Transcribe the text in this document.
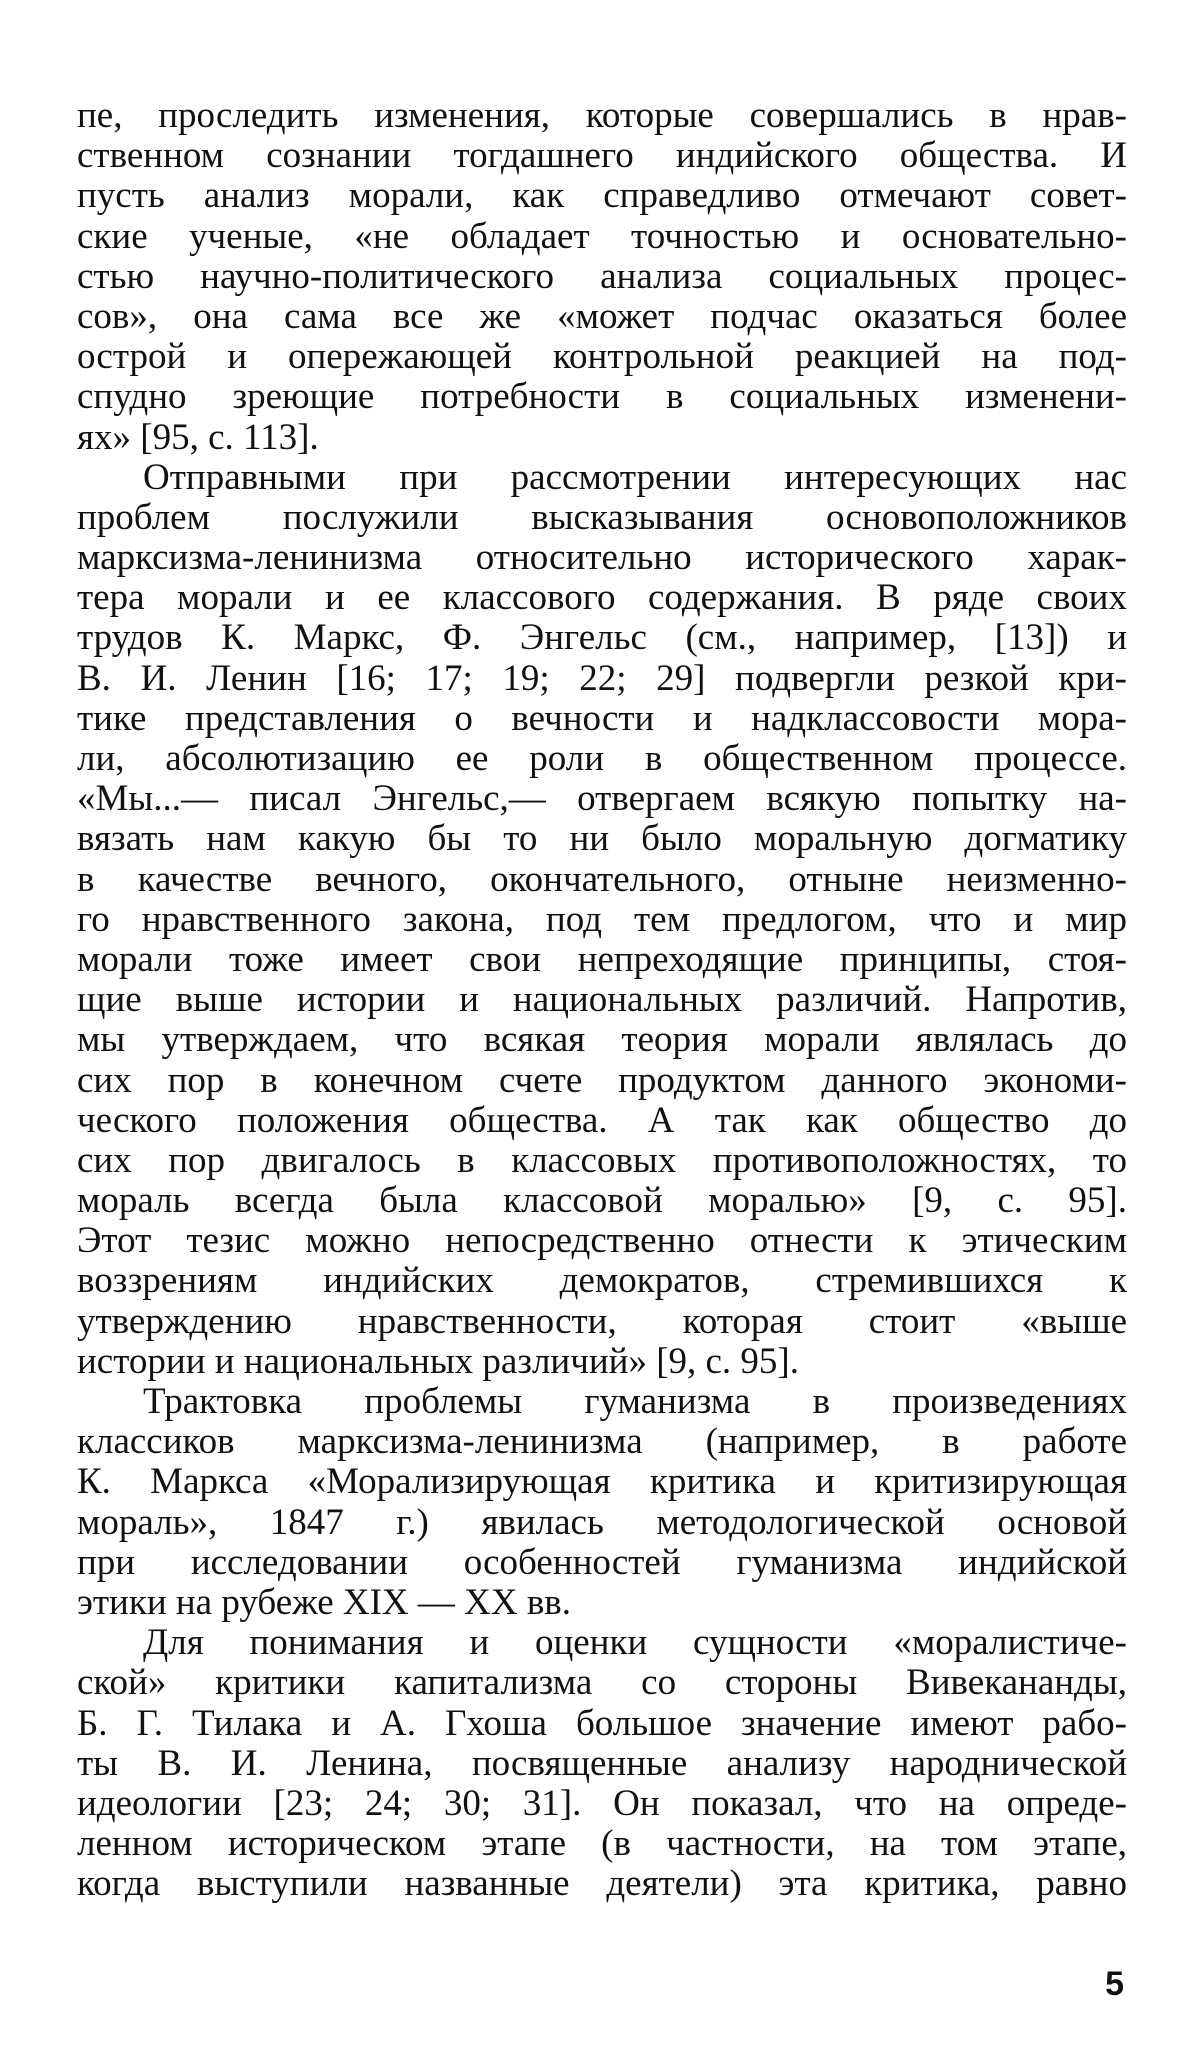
пе, проследить изменения, которые совершались в нрав-
ственном сознании тогдашнего индийского общества. И
пусть анализ морали, как справедливо отмечают совет-
ские ученые, «не обладает точностью и основательно-
стью научно-политического анализа социальных процес-
сов», она сама все же «может подчас оказаться более
острой и опережающей контрольной реакцией на под-
спудно зреющие потребности в социальных изменени-
ях» [95, с. 113].
Отправными при рассмотрении интересующих нас
проблем послужили высказывания основоположников
марксизма-ленинизма относительно исторического харак-
тера морали и ее классового содержания. В ряде своих
трудов К. Маркс, Ф. Энгельс (см., например, [13]) и
В. И. Ленин [16; 17; 19; 22; 29] подвергли резкой кри-
тике представления о вечности и надклассовости мора-
ли, абсолютизацию ее роли в общественном процессе.
«Мы...— писал Энгельс,— отвергаем всякую попытку на-
вязать нам какую бы то ни было моральную догматику
в качестве вечного, окончательного, отныне неизменно-
го нравственного закона, под тем предлогом, что и мир
морали тоже имеет свои непреходящие принципы, стоя-
щие выше истории и национальных различий. Напротив,
мы утверждаем, что всякая теория морали являлась до
сих пор в конечном счете продуктом данного экономи-
ческого положения общества. А так как общество до
сих пор двигалось в классовых противоположностях, то
мораль всегда была классовой моралью» [9, с. 95].
Этот тезис можно непосредственно отнести к этическим
воззрениям индийских демократов, стремившихся к
утверждению нравственности, которая стоит «выше
истории и национальных различий» [9, с. 95].
Трактовка проблемы гуманизма в произведениях
классиков марксизма-ленинизма (например, в работе
К. Маркса «Морализирующая критика и критизирующая
мораль», 1847 г.) явилась методологической основой
при исследовании особенностей гуманизма индийской
этики на рубеже XIX — XX вв.
Для понимания и оценки сущности «моралистиче-
ской» критики капитализма со стороны Вивекананды,
Б. Г. Тилака и А. Гхоша большое значение имеют рабо-
ты В. И. Ленина, посвященные анализу народнической
идеологии [23; 24; 30; 31]. Он показал, что на опреде-
ленном историческом этапе (в частности, на том этапе,
когда выступили названные деятели) эта критика, равно
5
